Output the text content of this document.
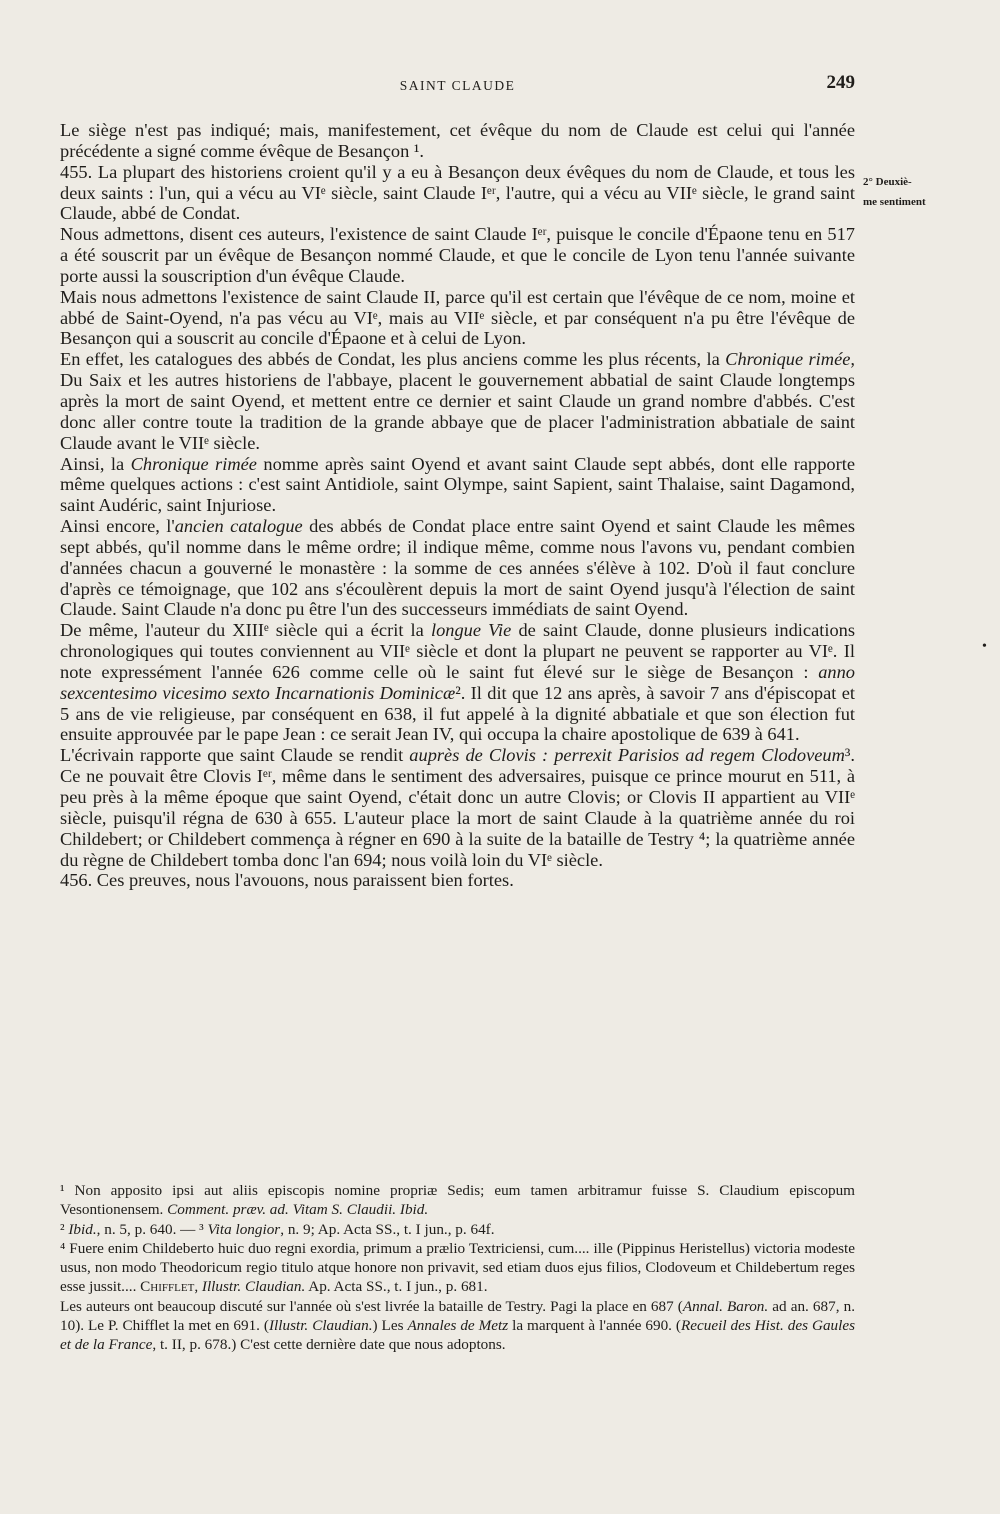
SAINT CLAUDE	249
2° Deuxiè-
me sentiment
•

Le siège n'est pas indiqué; mais, manifestement, cet évêque du nom de Claude est celui qui l'année précédente a signé comme évêque de Besançon ¹.

455. La plupart des historiens croient qu'il y a eu à Besançon deux évêques du nom de Claude, et tous les deux saints : l'un, qui a vécu au VIᵉ siècle, saint Claude Iᵉʳ, l'autre, qui a vécu au VIIᵉ siècle, le grand saint Claude, abbé de Condat.

Nous admettons, disent ces auteurs, l'existence de saint Claude Iᵉʳ, puisque le concile d'Épaone tenu en 517 a été souscrit par un évêque de Besançon nommé Claude, et que le concile de Lyon tenu l'année suivante porte aussi la souscription d'un évêque Claude.

Mais nous admettons l'existence de saint Claude II, parce qu'il est certain que l'évêque de ce nom, moine et abbé de Saint-Oyend, n'a pas vécu au VIᵉ, mais au VIIᵉ siècle, et par conséquent n'a pu être l'évêque de Besançon qui a souscrit au concile d'Épaone et à celui de Lyon.

En effet, les catalogues des abbés de Condat, les plus anciens comme les plus récents, la Chronique rimée, Du Saix et les autres historiens de l'abbaye, placent le gouvernement abbatial de saint Claude longtemps après la mort de saint Oyend, et mettent entre ce dernier et saint Claude un grand nombre d'abbés. C'est donc aller contre toute la tradition de la grande abbaye que de placer l'administration abbatiale de saint Claude avant le VIIᵉ siècle.

Ainsi, la Chronique rimée nomme après saint Oyend et avant saint Claude sept abbés, dont elle rapporte même quelques actions : c'est saint Antidiole, saint Olympe, saint Sapient, saint Thalaise, saint Dagamond, saint Audéric, saint Injuriose.

Ainsi encore, l'ancien catalogue des abbés de Condat place entre saint Oyend et saint Claude les mêmes sept abbés, qu'il nomme dans le même ordre; il indique même, comme nous l'avons vu, pendant combien d'années chacun a gouverné le monastère : la somme de ces années s'élève à 102. D'où il faut conclure d'après ce témoignage, que 102 ans s'écoulèrent depuis la mort de saint Oyend jusqu'à l'élection de saint Claude. Saint Claude n'a donc pu être l'un des successeurs immédiats de saint Oyend.

De même, l'auteur du XIIIᵉ siècle qui a écrit la longue Vie de saint Claude, donne plusieurs indications chronologiques qui toutes conviennent au VIIᵉ siècle et dont la plupart ne peuvent se rapporter au VIᵉ. Il note expressément l'année 626 comme celle où le saint fut élevé sur le siège de Besançon : anno sexcentesimo vicesimo sexto Incarnationis Dominicæ². Il dit que 12 ans après, à savoir 7 ans d'épiscopat et 5 ans de vie religieuse, par conséquent en 638, il fut appelé à la dignité abbatiale et que son élection fut ensuite approuvée par le pape Jean : ce serait Jean IV, qui occupa la chaire apostolique de 639 à 641.

L'écrivain rapporte que saint Claude se rendit auprès de Clovis : perrexit Parisios ad regem Clodoveum³. Ce ne pouvait être Clovis Iᵉʳ, même dans le sentiment des adversaires, puisque ce prince mourut en 511, à peu près à la même époque que saint Oyend, c'était donc un autre Clovis; or Clovis II appartient au VIIᵉ siècle, puisqu'il régna de 630 à 655. L'auteur place la mort de saint Claude à la quatrième année du roi Childebert; or Childebert commença à régner en 690 à la suite de la bataille de Testry ⁴; la quatrième année du règne de Childebert tomba donc l'an 694; nous voilà loin du VIᵉ siècle.

456. Ces preuves, nous l'avouons, nous paraissent bien fortes.

¹ Non apposito ipsi aut aliis episcopis nomine propriæ Sedis; eum tamen arbitramur fuisse S. Claudium episcopum Vesontionensem. Comment. præv. ad. Vitam S. Claudii. Ibid.

² Ibid., n. 5, p. 640. — ³ Vita longior, n. 9; Ap. Acta SS., t. I jun., p. 64f.

⁴ Fuere enim Childeberto huic duo regni exordia, primum a prælio Textriciensi, cum.... ille (Pippinus Heristellus) victoria modeste usus, non modo Theodoricum regio titulo atque honore non privavit, sed etiam duos ejus filios, Clodoveum et Childebertum reges esse jussit.... Chifflet, Illustr. Claudian. Ap. Acta SS., t. I jun., p. 681.

Les auteurs ont beaucoup discuté sur l'année où s'est livrée la bataille de Testry. Pagi la place en 687 (Annal. Baron. ad an. 687, n. 10). Le P. Chifflet la met en 691. (Illustr. Claudian.) Les Annales de Metz la marquent à l'année 690. (Recueil des Hist. des Gaules et de la France, t. II, p. 678.) C'est cette dernière date que nous adoptons.
